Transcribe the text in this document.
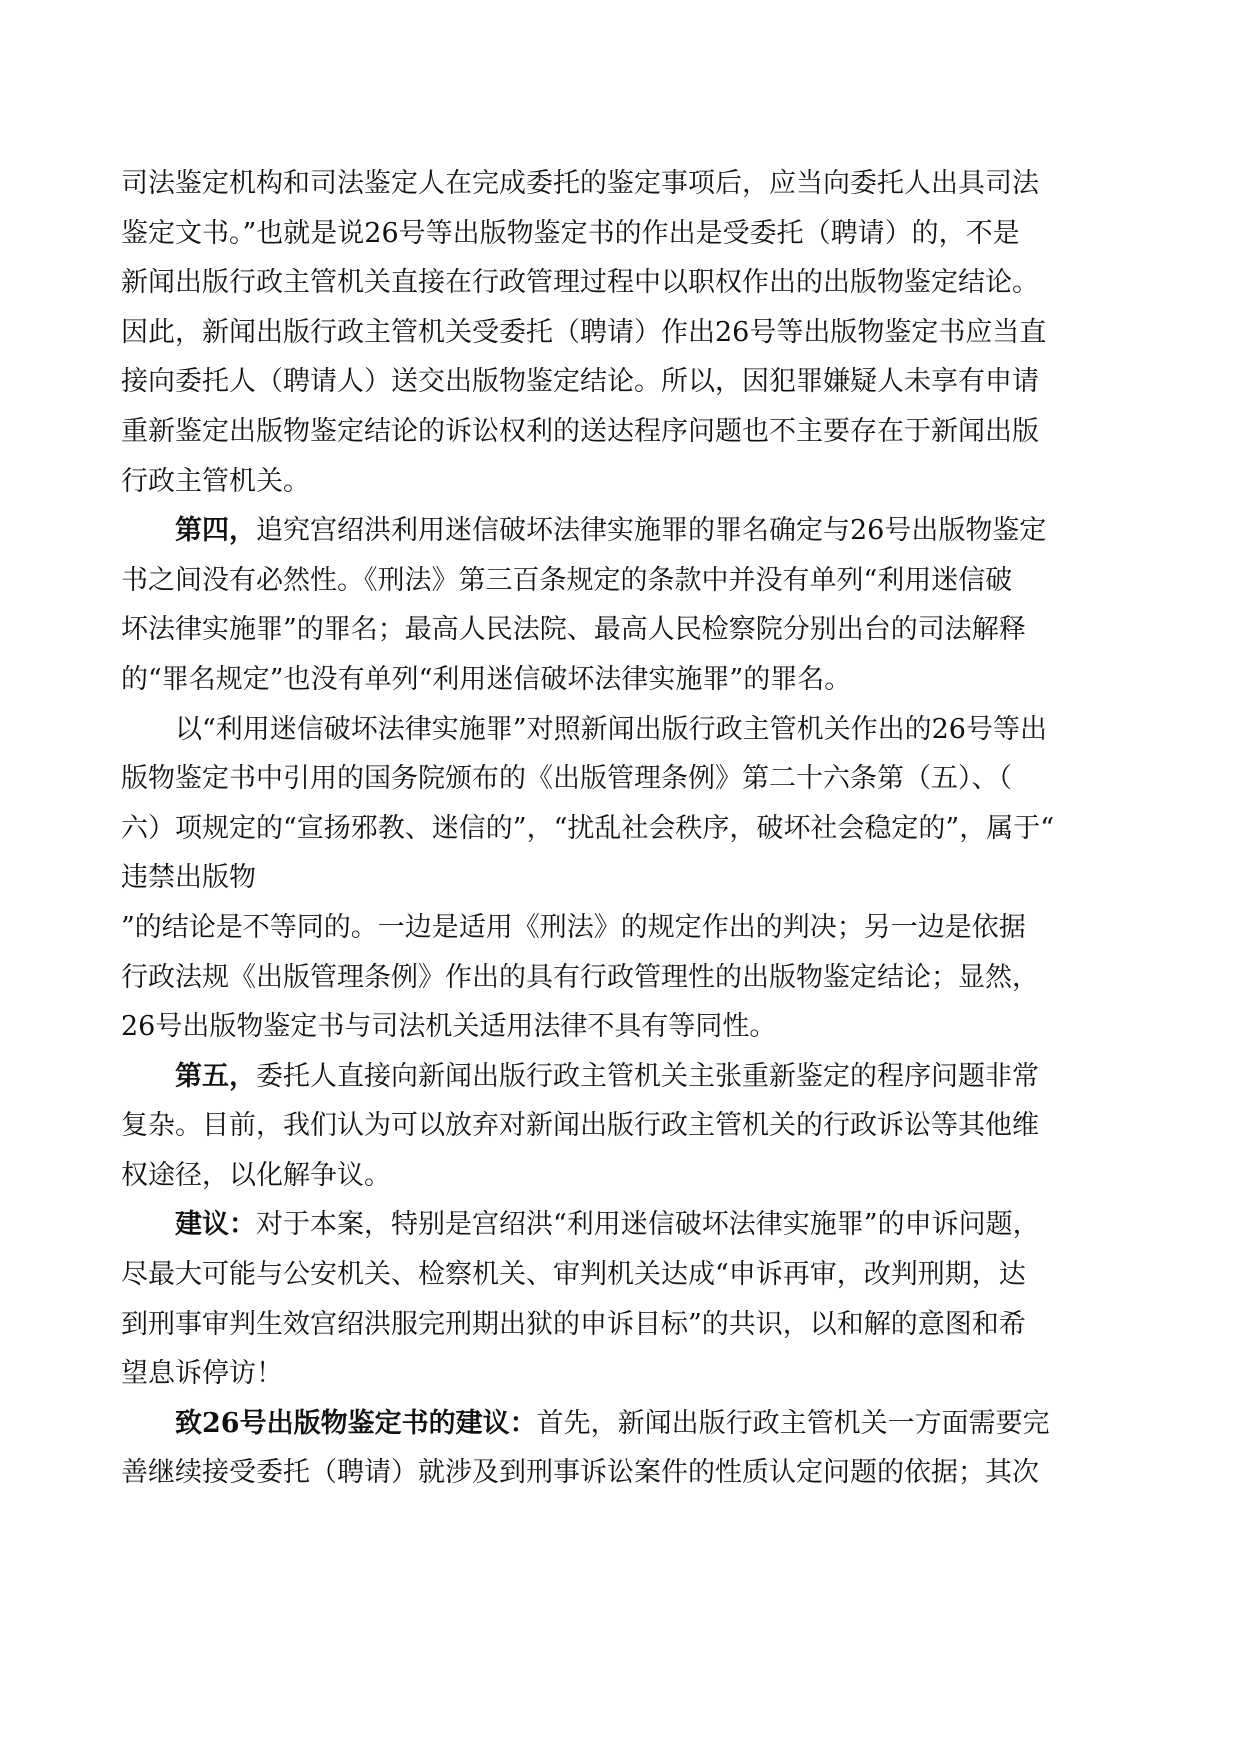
司法鉴定机构和司法鉴定人在完成委托的鉴定事项后，应当向委托人出具司法
鉴定文书。”也就是说26号等出版物鉴定书的作出是受委托（聘请）的，不是
新闻出版行政主管机关直接在行政管理过程中以职权作出的出版物鉴定结论。
因此，新闻出版行政主管机关受委托（聘请）作出26号等出版物鉴定书应当直
接向委托人（聘请人）送交出版物鉴定结论。所以，因犯罪嫌疑人未享有申请
重新鉴定出版物鉴定结论的诉讼权利的送达程序问题也不主要存在于新闻出版
行政主管机关。

第四，追究宫绍洪利用迷信破坏法律实施罪的罪名确定与26号出版物鉴定
书之间没有必然性。《刑法》第三百条规定的条款中并没有单列“利用迷信破
坏法律实施罪”的罪名；最高人民法院、最高人民检察院分别出台的司法解释
的“罪名规定”也没有单列“利用迷信破坏法律实施罪”的罪名。

以“利用迷信破坏法律实施罪”对照新闻出版行政主管机关作出的26号等出
版物鉴定书中引用的国务院颁布的《出版管理条例》第二十六条第（五）、（
六）项规定的“宣扬邪教、迷信的”，“扰乱社会秩序，破坏社会稳定的”，属于“
违禁出版物
”的结论是不等同的。一边是适用《刑法》的规定作出的判决；另一边是依据
行政法规《出版管理条例》作出的具有行政管理性的出版物鉴定结论；显然，
26号出版物鉴定书与司法机关适用法律不具有等同性。

第五，委托人直接向新闻出版行政主管机关主张重新鉴定的程序问题非常
复杂。目前，我们认为可以放弃对新闻出版行政主管机关的行政诉讼等其他维
权途径，以化解争议。

建议：对于本案，特别是宫绍洪“利用迷信破坏法律实施罪”的申诉问题，
尽最大可能与公安机关、检察机关、审判机关达成“申诉再审，改判刑期，达
到刑事审判生效宫绍洪服完刑期出狱的申诉目标”的共识，以和解的意图和希
望息诉停访！

致26号出版物鉴定书的建议：首先，新闻出版行政主管机关一方面需要完
善继续接受委托（聘请）就涉及到刑事诉讼案件的性质认定问题的依据；其次
